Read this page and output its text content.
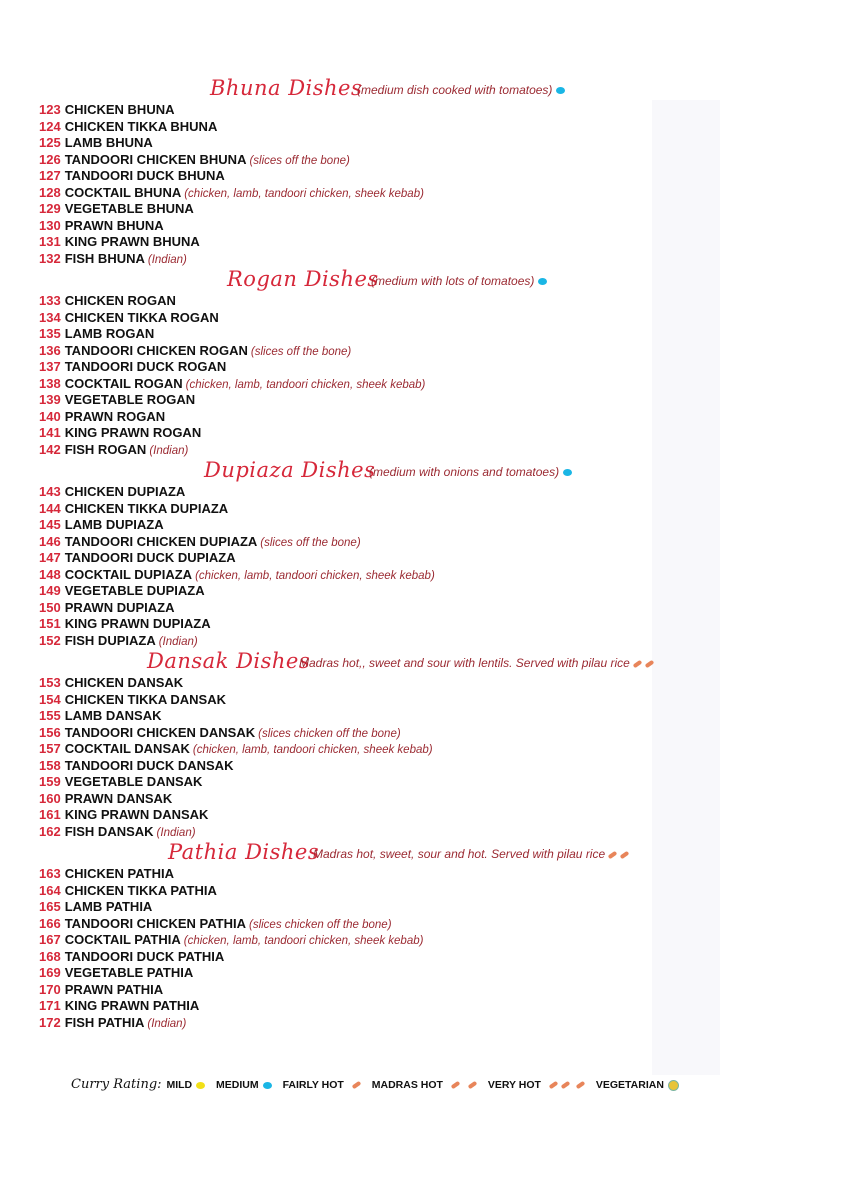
Bhuna Dishes
(medium dish cooked with tomatoes)
123 CHICKEN BHUNA
124 CHICKEN TIKKA BHUNA
125 LAMB BHUNA
126 TANDOORI CHICKEN BHUNA (slices off the bone)
127 TANDOORI DUCK BHUNA
128 COCKTAIL BHUNA (chicken, lamb, tandoori chicken, sheek kebab)
129 VEGETABLE BHUNA
130 PRAWN BHUNA
131 KING PRAWN BHUNA
132 FISH BHUNA (Indian)
Rogan Dishes
(medium with lots of tomatoes)
133 CHICKEN ROGAN
134 CHICKEN TIKKA ROGAN
135 LAMB ROGAN
136 TANDOORI CHICKEN ROGAN (slices off the bone)
137 TANDOORI DUCK ROGAN
138 COCKTAIL ROGAN (chicken, lamb, tandoori chicken, sheek kebab)
139 VEGETABLE ROGAN
140 PRAWN ROGAN
141 KING PRAWN ROGAN
142 FISH ROGAN (Indian)
Dupiaza Dishes
(medium with onions and tomatoes)
143 CHICKEN DUPIAZA
144 CHICKEN TIKKA DUPIAZA
145 LAMB DUPIAZA
146 TANDOORI CHICKEN DUPIAZA (slices off the bone)
147 TANDOORI DUCK DUPIAZA
148 COCKTAIL DUPIAZA (chicken, lamb, tandoori chicken, sheek kebab)
149 VEGETABLE DUPIAZA
150 PRAWN DUPIAZA
151 KING PRAWN DUPIAZA
152 FISH DUPIAZA (Indian)
Dansak Dishes
Madras hot,, sweet and sour with lentils. Served with pilau rice
153 CHICKEN DANSAK
154 CHICKEN TIKKA DANSAK
155 LAMB DANSAK
156 TANDOORI CHICKEN DANSAK (slices chicken off the bone)
157 COCKTAIL DANSAK (chicken, lamb, tandoori chicken, sheek kebab)
158 TANDOORI DUCK DANSAK
159 VEGETABLE DANSAK
160 PRAWN DANSAK
161 KING PRAWN DANSAK
162 FISH DANSAK (Indian)
Pathia Dishes
Madras hot, sweet, sour and hot. Served with pilau rice
163 CHICKEN PATHIA
164 CHICKEN TIKKA PATHIA
165 LAMB PATHIA
166 TANDOORI CHICKEN PATHIA (slices chicken off the bone)
167 COCKTAIL PATHIA (chicken, lamb, tandoori chicken, sheek kebab)
168 TANDOORI DUCK PATHIA
169 VEGETABLE PATHIA
170 PRAWN PATHIA
171 KING PRAWN PATHIA
172 FISH PATHIA (Indian)
Curry Rating: MILD MEDIUM FAIRLY HOT	MADRAS HOT	VERY HOT	VEGETARIAN
